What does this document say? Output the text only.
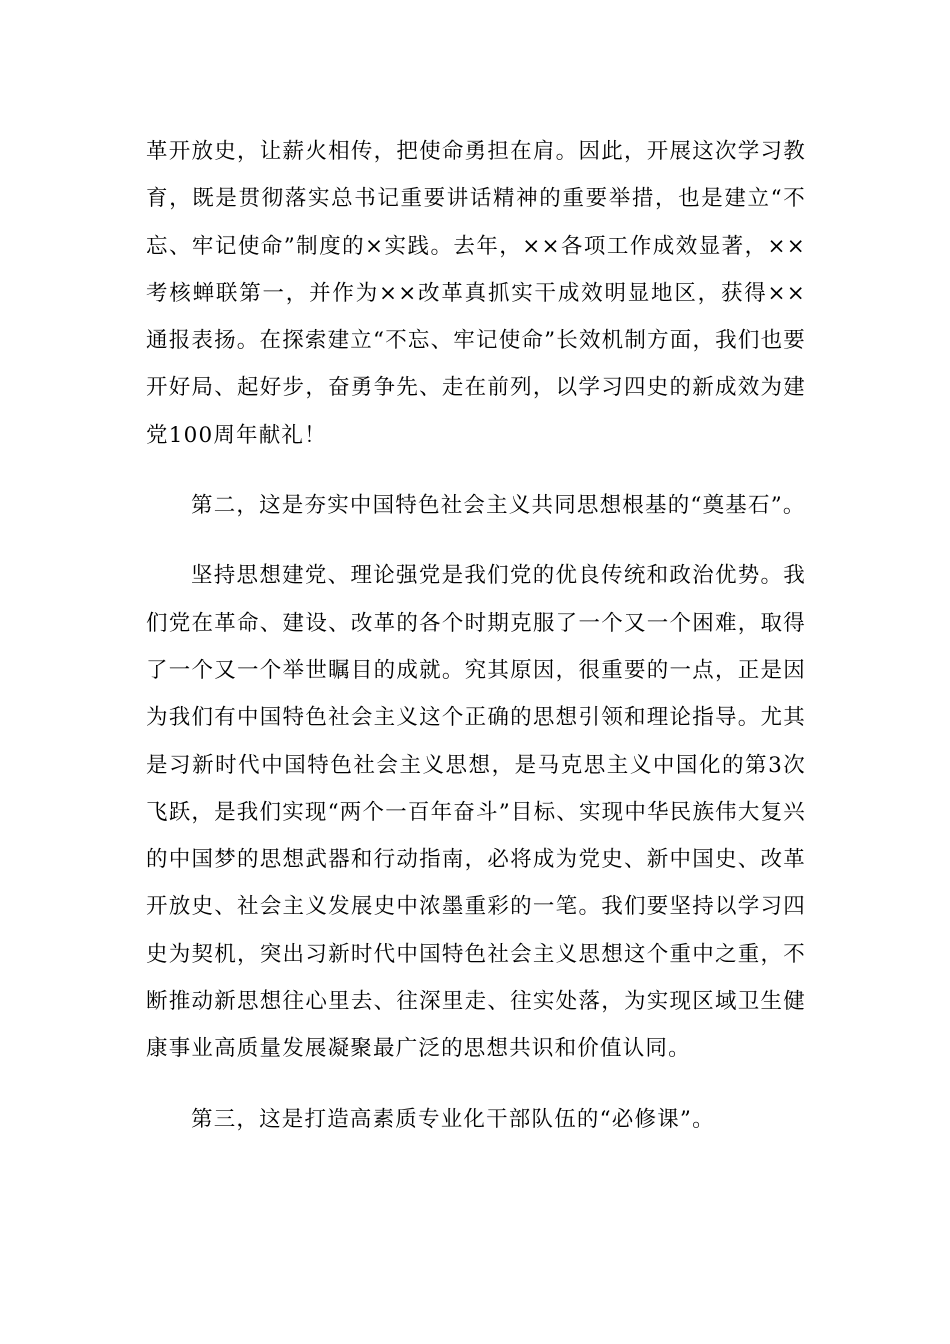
革开放史，让薪火相传，把使命勇担在肩。因此，开展这次学习教育，既是贯彻落实总书记重要讲话精神的重要举措，也是建立“不忘、牢记使命”制度的×实践。去年，××各项工作成效显著，××考核蝉联第一，并作为××改革真抓实干成效明显地区，获得××通报表扬。在探索建立“不忘、牢记使命”长效机制方面，我们也要开好局、起好步，奋勇争先、走在前列，以学习四史的新成效为建党100周年献礼！

第二，这是夯实中国特色社会主义共同思想根基的“奠基石”。

坚持思想建党、理论强党是我们党的优良传统和政治优势。我们党在革命、建设、改革的各个时期克服了一个又一个困难，取得了一个又一个举世瞩目的成就。究其原因，很重要的一点，正是因为我们有中国特色社会主义这个正确的思想引领和理论指导。尤其是习新时代中国特色社会主义思想，是马克思主义中国化的第3次飞跃，是我们实现“两个一百年奋斗”目标、实现中华民族伟大复兴的中国梦的思想武器和行动指南，必将成为党史、新中国史、改革开放史、社会主义发展史中浓墨重彩的一笔。我们要坚持以学习四史为契机，突出习新时代中国特色社会主义思想这个重中之重，不断推动新思想往心里去、往深里走、往实处落，为实现区域卫生健康事业高质量发展凝聚最广泛的思想共识和价值认同。

第三，这是打造高素质专业化干部队伍的“必修课”。
